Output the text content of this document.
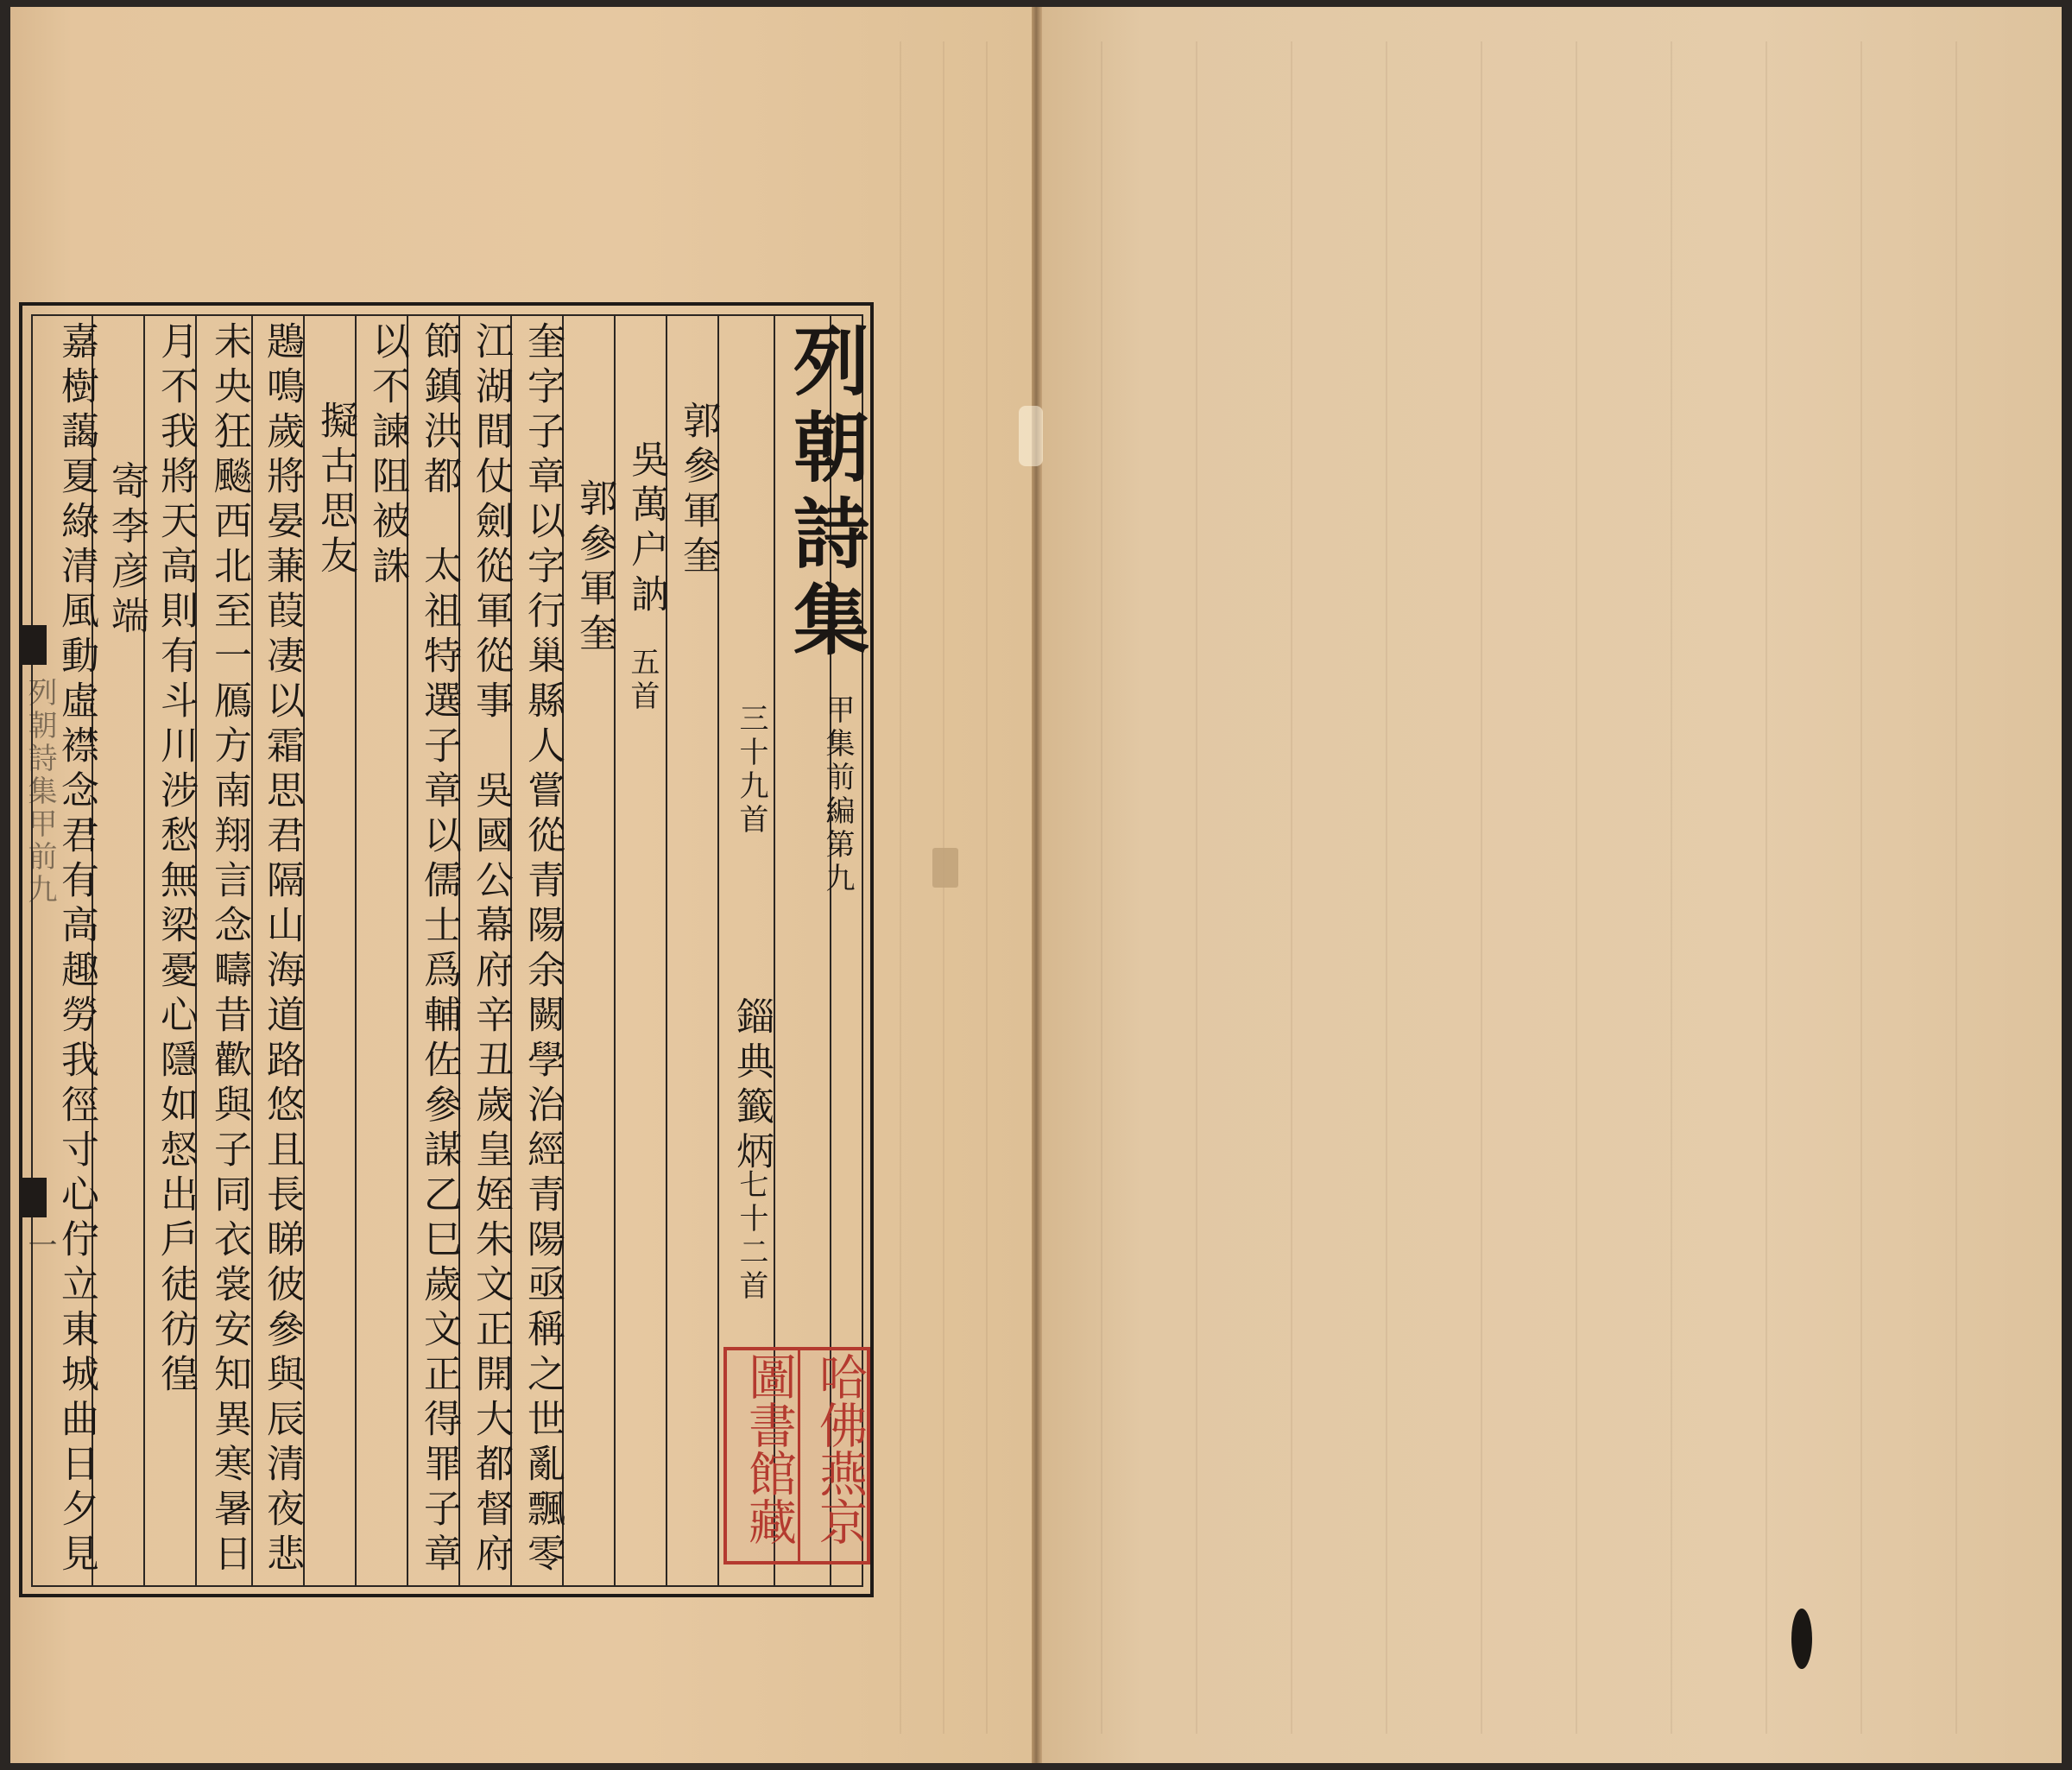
列朝詩集
甲集前編第九
三十九首
錙典籤炳
七十二首
郭參軍奎
吳萬户訥
五首
郭參軍奎
奎字子章以字行巢縣人嘗從青陽余闕學治經青陽亟稱之世亂飄零
江湖間仗劍從軍從事　吳國公幕府辛丑歲皇姪朱文正開大都督府
節鎮洪都　太祖特選子章以儒士爲輔佐參謀乙巳歲文正得罪子章
以不諫阻被誅
擬古思友
鶗鳴歲將晏蒹葭凄以霜思君隔山海道路悠且長睇彼參與辰清夜悲
未央狂飈西北至一鴈方南翔言念疇昔歡與子同衣裳安知異寒暑日
月不我將天高則有斗川涉愁無梁憂心隱如惄出戶徒彷徨
寄李彦端
嘉樹藹夏綠清風動虛襟念君有高趣勞我徑寸心佇立東城曲日夕見
列朝詩集甲前九
一
哈佛燕京
圖書館藏
